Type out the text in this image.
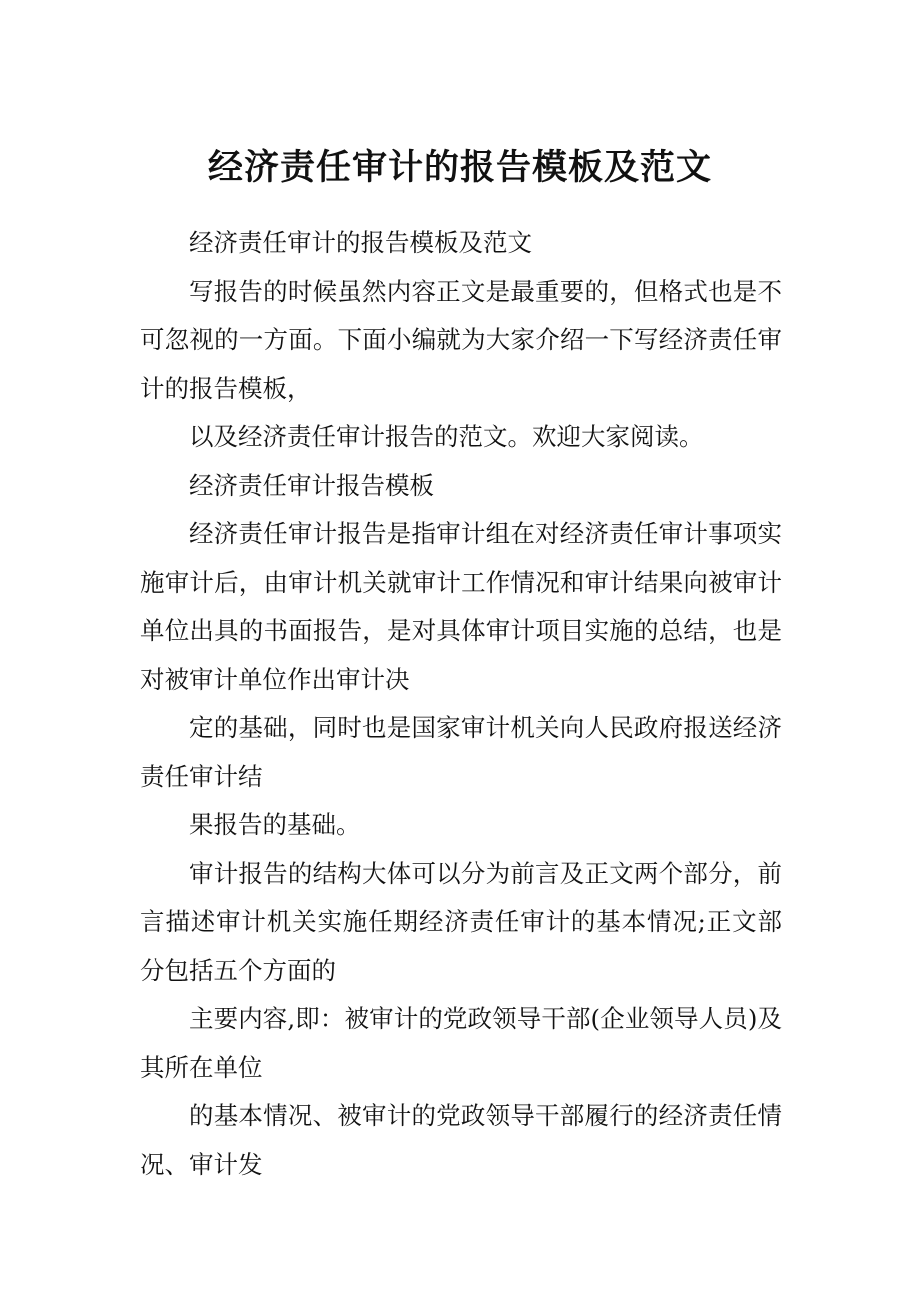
经济责任审计的报告模板及范文

经济责任审计的报告模板及范文

写报告的时候虽然内容正文是最重要的，但格式也是不可忽视的一方面。下面小编就为大家介绍一下写经济责任审计的报告模板，

以及经济责任审计报告的范文。欢迎大家阅读。

经济责任审计报告模板

经济责任审计报告是指审计组在对经济责任审计事项实施审计后，由审计机关就审计工作情况和审计结果向被审计单位出具的书面报告，是对具体审计项目实施的总结，也是对被审计单位作出审计决

定的基础，同时也是国家审计机关向人民政府报送经济责任审计结

果报告的基础。

审计报告的结构大体可以分为前言及正文两个部分，前言描述审计机关实施任期经济责任审计的基本情况;正文部分包括五个方面的

主要内容,即：被审计的党政领导干部(企业领导人员)及其所在单位

的基本情况、被审计的党政领导干部履行的经济责任情况、审计发
